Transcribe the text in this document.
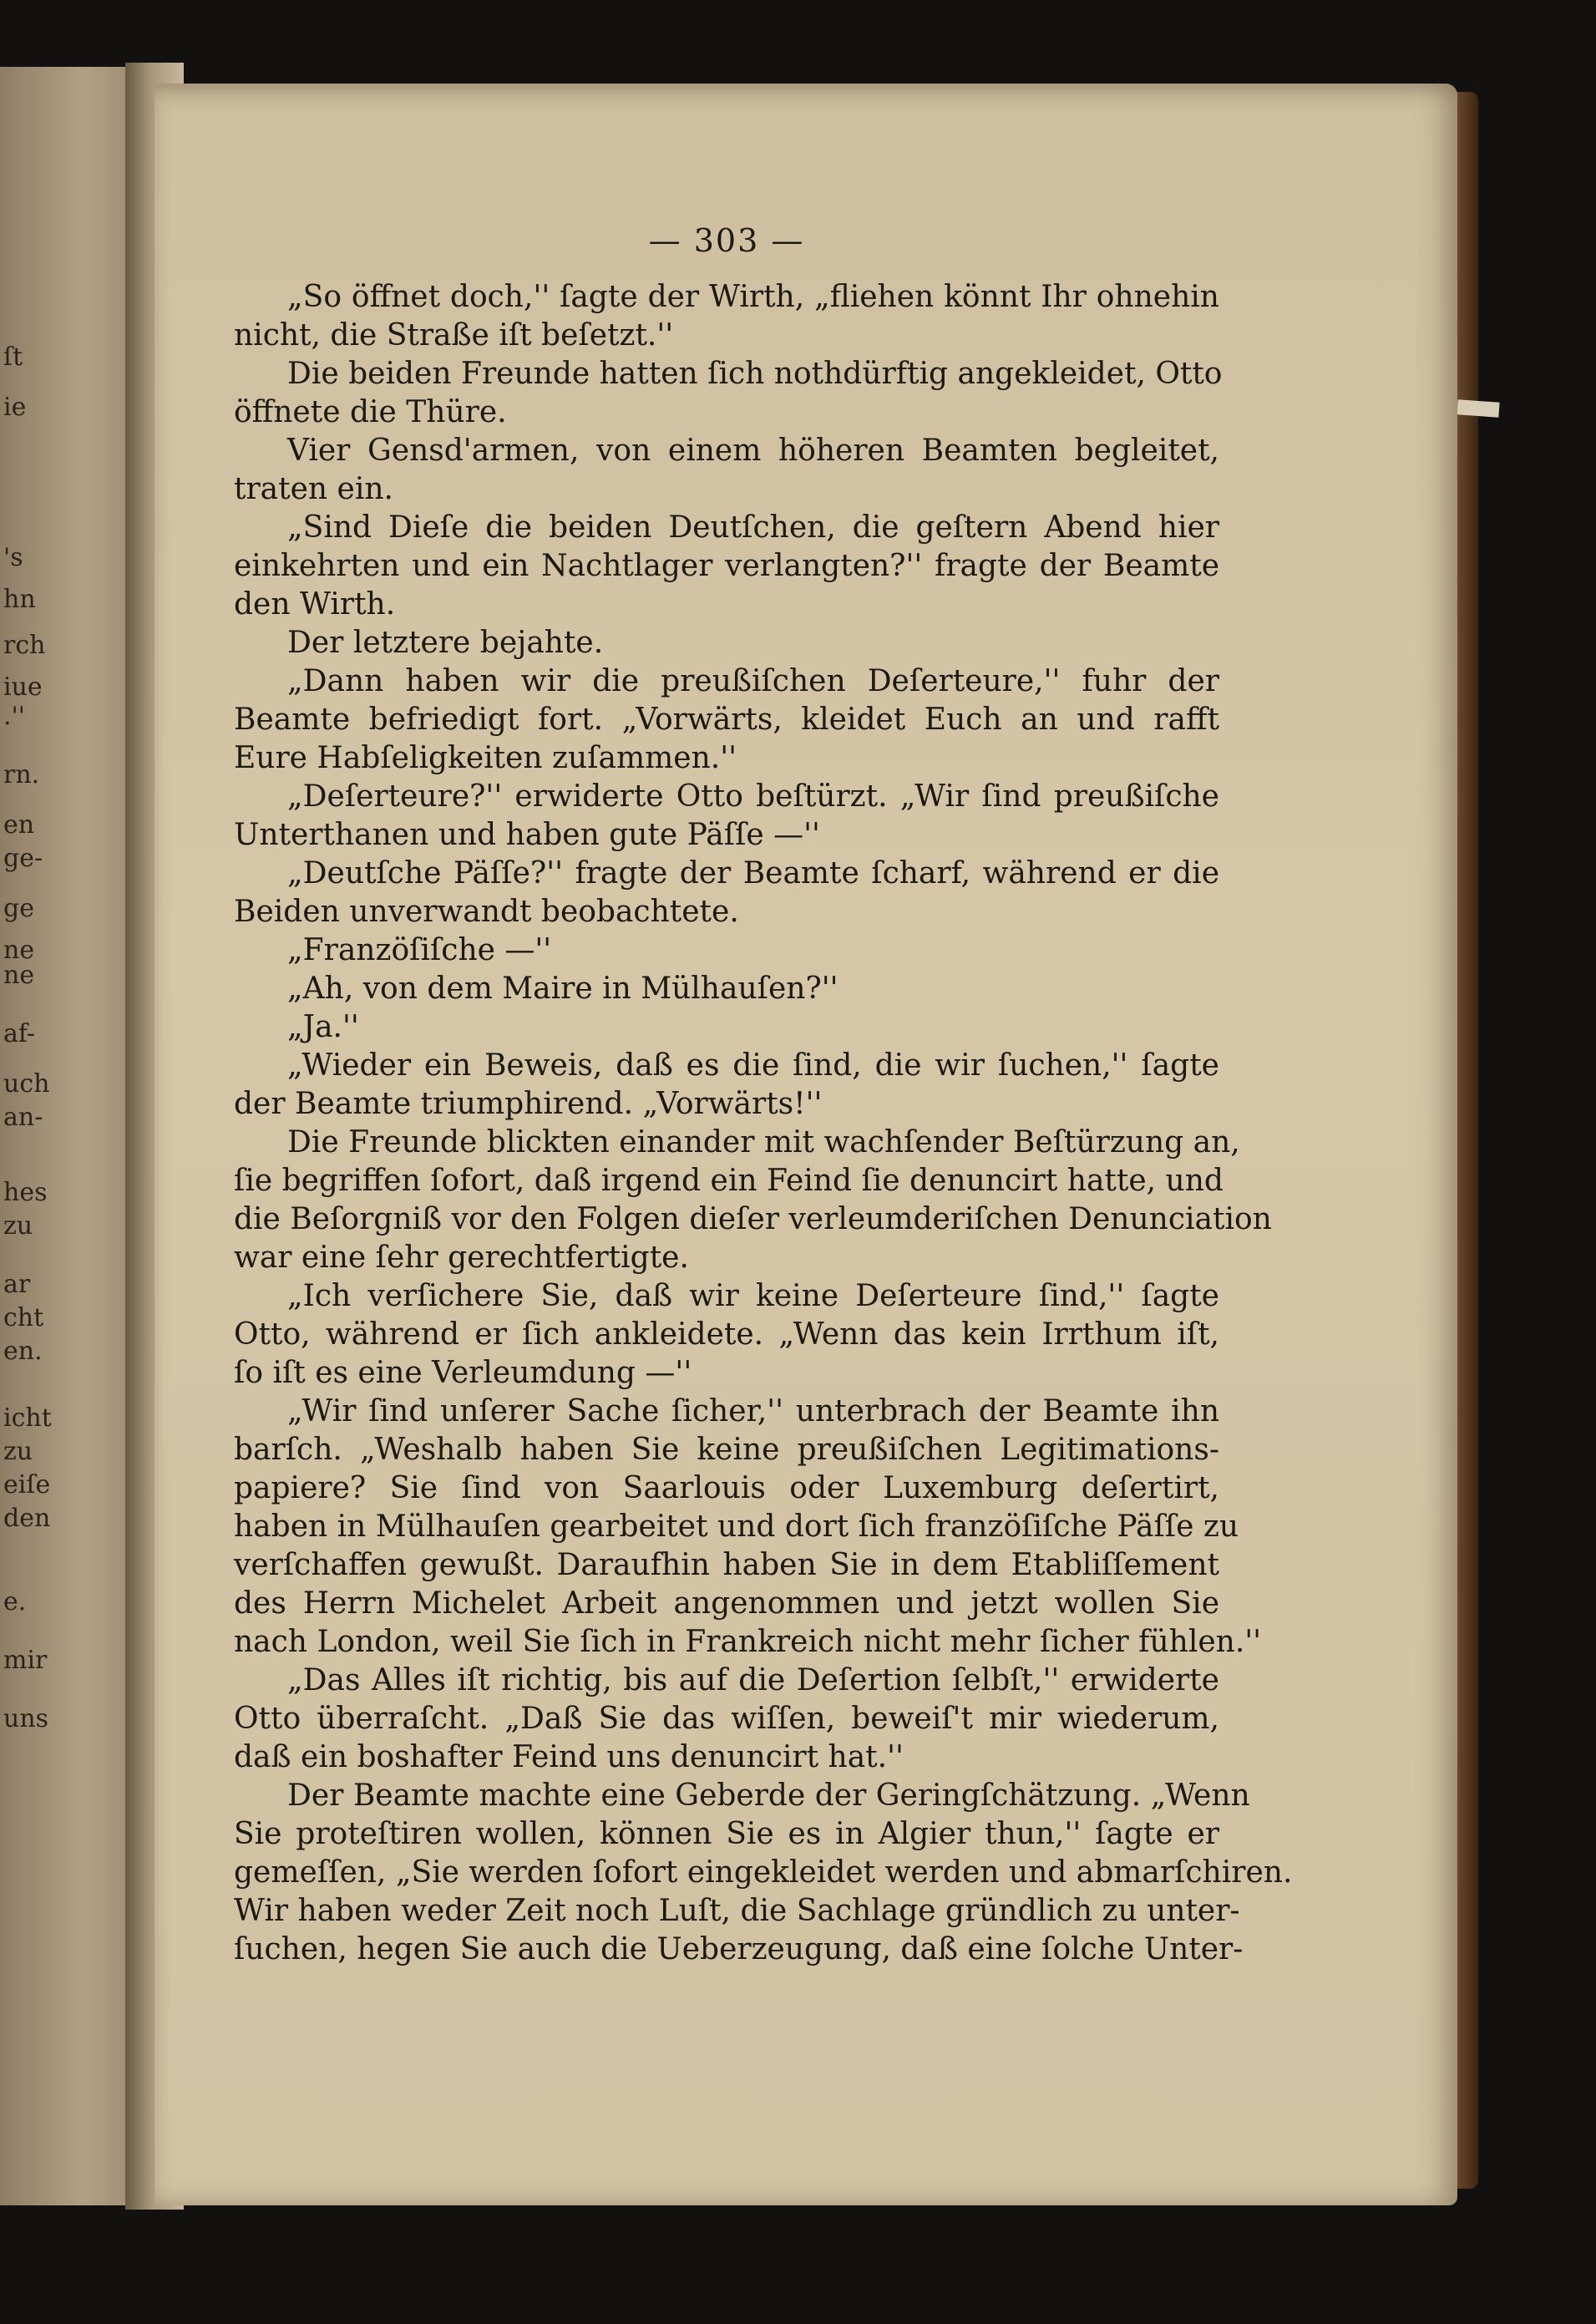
ſt
ie
's
hn
rch
iue
.''
rn.
en
ge-
ge
ne
ne
af-
uch
an-
hes
zu
ar
cht
en.
icht
zu
eiſe
den
e.
mir
uns
— 303 —
„So öffnet doch,'' ſagte der Wirth, „fliehen könnt Ihr ohnehin
nicht, die Straße iſt beſetzt.''
Die beiden Freunde hatten ſich nothdürftig angekleidet, Otto
öffnete die Thüre.
Vier Gensd'armen, von einem höheren Beamten begleitet,
traten ein.
„Sind Dieſe die beiden Deutſchen, die geſtern Abend hier
einkehrten und ein Nachtlager verlangten?'' fragte der Beamte
den Wirth.
Der letztere bejahte.
„Dann haben wir die preußiſchen Deſerteure,'' fuhr der
Beamte befriedigt fort. „Vorwärts, kleidet Euch an und rafft
Eure Habſeligkeiten zuſammen.''
„Deſerteure?'' erwiderte Otto beſtürzt. „Wir ſind preußiſche
Unterthanen und haben gute Päſſe —''
„Deutſche Päſſe?'' fragte der Beamte ſcharf, während er die
Beiden unverwandt beobachtete.
„Franzöſiſche —''
„Ah, von dem Maire in Mülhauſen?''
„Ja.''
„Wieder ein Beweis, daß es die ſind, die wir ſuchen,'' ſagte
der Beamte triumphirend. „Vorwärts!''
Die Freunde blickten einander mit wachſender Beſtürzung an,
ſie begriffen ſofort, daß irgend ein Feind ſie denuncirt hatte, und
die Beſorgniß vor den Folgen dieſer verleumderiſchen Denunciation
war eine ſehr gerechtfertigte.
„Ich verſichere Sie, daß wir keine Deſerteure ſind,'' ſagte
Otto, während er ſich ankleidete. „Wenn das kein Irrthum iſt,
ſo iſt es eine Verleumdung —''
„Wir ſind unſerer Sache ſicher,'' unterbrach der Beamte ihn
barſch. „Weshalb haben Sie keine preußiſchen Legitimations-
papiere? Sie ſind von Saarlouis oder Luxemburg deſertirt,
haben in Mülhauſen gearbeitet und dort ſich franzöſiſche Päſſe zu
verſchaffen gewußt. Daraufhin haben Sie in dem Etabliſſement
des Herrn Michelet Arbeit angenommen und jetzt wollen Sie
nach London, weil Sie ſich in Frankreich nicht mehr ſicher fühlen.''
„Das Alles iſt richtig, bis auf die Deſertion ſelbſt,'' erwiderte
Otto überraſcht. „Daß Sie das wiſſen, beweiſ't mir wiederum,
daß ein boshafter Feind uns denuncirt hat.''
Der Beamte machte eine Geberde der Geringſchätzung. „Wenn
Sie proteſtiren wollen, können Sie es in Algier thun,'' ſagte er
gemeſſen, „Sie werden ſofort eingekleidet werden und abmarſchiren.
Wir haben weder Zeit noch Luſt, die Sachlage gründlich zu unter-
ſuchen, hegen Sie auch die Ueberzeugung, daß eine ſolche Unter-
